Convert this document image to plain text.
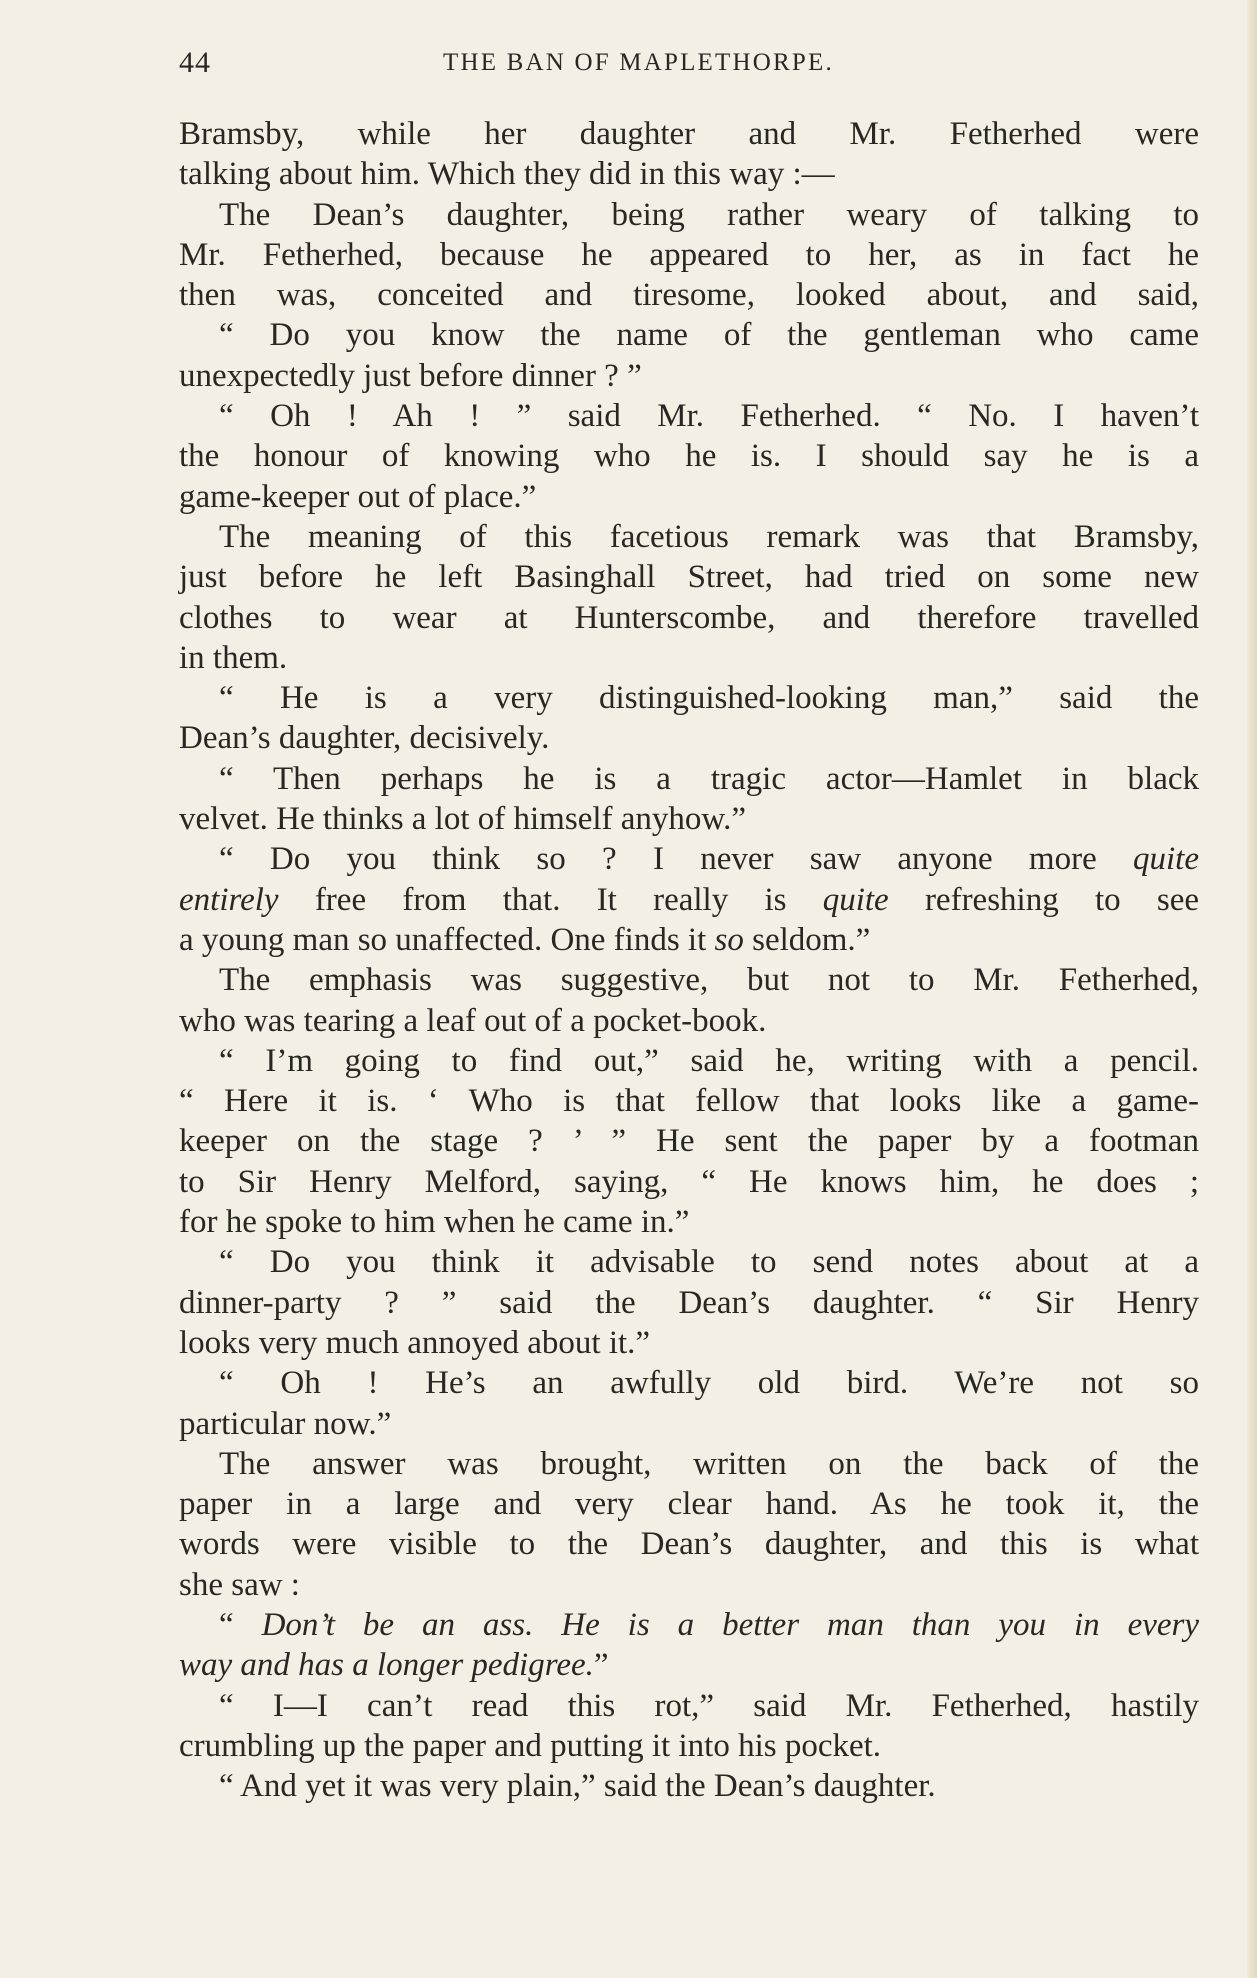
44	THE BAN OF MAPLETHORPE.
Bramsby, while her daughter and Mr. Fetherhed were
talking about him. Which they did in this way :—
The Dean’s daughter, being rather weary of talking to
Mr. Fetherhed, because he appeared to her, as in fact he
then was, conceited and tiresome, looked about, and said,
“ Do you know the name of the gentleman who came
unexpectedly just before dinner ? ”
“ Oh ! Ah ! ” said Mr. Fetherhed. “ No. I haven’t
the honour of knowing who he is. I should say he is a
game-keeper out of place.”
The meaning of this facetious remark was that Bramsby,
just before he left Basinghall Street, had tried on some new
clothes to wear at Hunterscombe, and therefore travelled
in them.
“ He is a very distinguished-looking man,” said the
Dean’s daughter, decisively.
“ Then perhaps he is a tragic actor—Hamlet in black
velvet. He thinks a lot of himself anyhow.”
“ Do you think so ? I never saw anyone more quite
entirely free from that. It really is quite refreshing to see
a young man so unaffected. One finds it so seldom.”
The emphasis was suggestive, but not to Mr. Fetherhed,
who was tearing a leaf out of a pocket-book.
“ I’m going to find out,” said he, writing with a pencil.
“ Here it is. ‘ Who is that fellow that looks like a game-
keeper on the stage ? ’ ” He sent the paper by a footman
to Sir Henry Melford, saying, “ He knows him, he does ;
for he spoke to him when he came in.”
“ Do you think it advisable to send notes about at a
dinner-party ? ” said the Dean’s daughter. “ Sir Henry
looks very much annoyed about it.”
“ Oh ! He’s an awfully old bird. We’re not so
particular now.”
The answer was brought, written on the back of the
paper in a large and very clear hand. As he took it, the
words were visible to the Dean’s daughter, and this is what
she saw :
“ Don’t be an ass. He is a better man than you in every
way and has a longer pedigree.”
“ I—I can’t read this rot,” said Mr. Fetherhed, hastily
crumbling up the paper and putting it into his pocket.
“ And yet it was very plain,” said the Dean’s daughter.
